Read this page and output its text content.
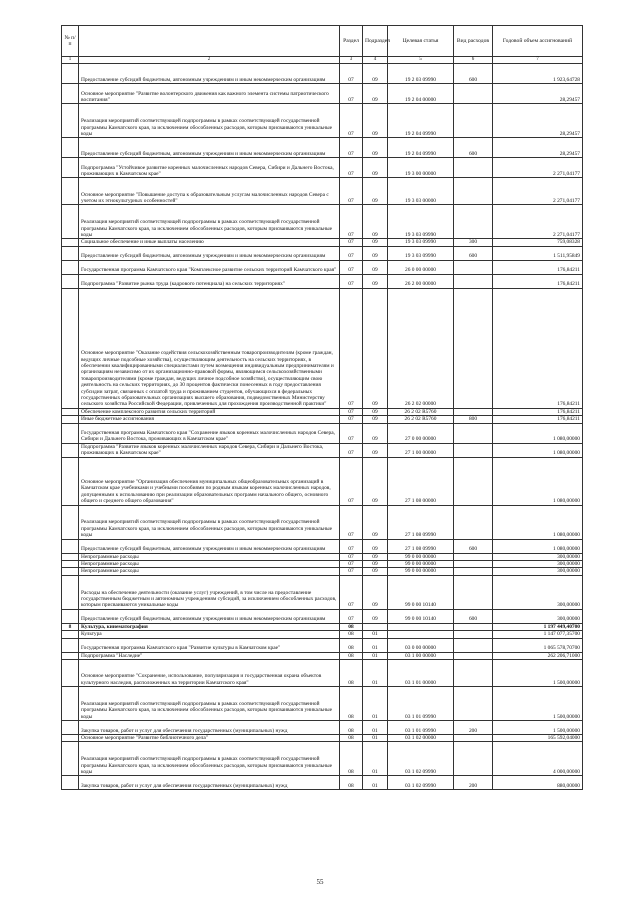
№ п/п		Раздел	Подраздел	Целевая статья	Вид расходов	Годовой объем ассигнований
1	2	3	4	5	6	7
	Предоставление субсидий бюджетным, автономным учреждениям и иным некоммерческим организациям	07	09	19 2 03 09990	600	1 923,64728
	Основное мероприятие "Развитие волонтерского движения как важного элемента системы патриотического воспитания"	07	09	19 2 04 00000		28,29457
	Реализация мероприятий соответствующей подпрограммы в рамках соответствующей государственной программы Камчатского края, за исключением обособленных расходов, которым присваиваются уникальные коды	07	09	19 2 04 09990		28,29457
	Предоставление субсидий бюджетным, автономным учреждениям и иным некоммерческим организациям	07	09	19 2 04 09990	600	28,29457
	Подпрограмма "Устойчивое развитие коренных малочисленных народов Севера, Сибири и Дальнего Востока, проживающих в Камчатском крае"	07	09	19 3 00 00000		2 271,04177
	Основное мероприятие "Повышение доступа к образовательным услугам малочисленных народов Севера с учетом их этнокультурных особенностей"	07	09	19 3 03 00000		2 271,04177
	Реализация мероприятий соответствующей подпрограммы в рамках соответствующей государственной программы Камчатского края, за исключением обособленных расходов, которым присваиваются уникальные коды	07	09	19 3 03 09990		2 271,04177
	Социальное обеспечение и иные выплаты населению	07	09	19 3 03 09990	300	759,08328
	Предоставление субсидий бюджетным, автономным учреждениям и иным некоммерческим организациям	07	09	19 3 03 09990	600	1 511,95849
	Государственная программа Камчатского края "Комплексное развитие сельских территорий Камчатского края"	07	09	26 0 00 00000		176,84211
	Подпрограмма "Развитие рынка труда (кадрового потенциала) на сельских территориях"	07	09	26 2 00 00000		176,84211
	Основное мероприятие "Оказание содействия сельскохозяйственным товаропроизводителям (кроме граждан, ведущих личные подсобные хозяйства), осуществляющим деятельность на сельских территориях, в обеспечении квалифицированными специалистами путем возмещения индивидуальным предпринимателям и организациям независимо от их организационно-правовой формы, являющимся сельскохозяйственными товаропроизводителями (кроме граждан, ведущих личное подсобное хозяйство), осуществляющим свою деятельность на сельских территориях, до 30 процентов фактически понесенных в году предоставления субсидии затрат, связанных с оплатой труда и проживанием студентов, обучающихся в федеральных государственных образовательных организациях высшего образования, подведомственных Министерству сельского хозяйства Российской Федерации, привлеченных для прохождения производственной практики"	07	09	26 2 02 00000		176,84211
	Обеспечение комплексного развития сельских территорий	07	09	26 2 02 R5760		176,84211
	Иные бюджетные ассигнования	07	09	26 2 02 R5760	800	176,84211
	Государственная программа Камчатского края "Сохранение языков коренных малочисленных народов Севера, Сибири и Дальнего Востока, проживающих в Камчатском крае"	07	09	27 0 00 00000		1 080,00000
	Подпрограмма "Развитие языков коренных малочисленных народов Севера, Сибири и Дальнего Востока, проживающих в Камчатском крае"	07	09	27 1 00 00000		1 080,00000
	Основное мероприятие "Организация обеспечения муниципальных общеобразовательных организаций в Камчатском крае учебниками и учебными пособиями по родным языкам коренных малочисленных народов, допущенными к использованию при реализации образовательных программ начального общего, основного общего и среднего общего образования"	07	09	27 1 08 00000		1 080,00000
	Реализация мероприятий соответствующей подпрограммы в рамках соответствующей государственной программы Камчатского края, за исключением обособленных расходов, которым присваиваются уникальные коды	07	09	27 1 08 09990		1 080,00000
	Предоставление субсидий бюджетным, автономным учреждениям и иным некоммерческим организациям	07	09	27 1 08 09990	600	1 080,00000
	Непрограммные расходы	07	09	99 0 00 00000		300,00000
	Непрограммные расходы	07	09	99 0 00 00000		300,00000
	Непрограммные расходы	07	09	99 0 00 00000		300,00000
	Расходы на обеспечение деятельности (оказание услуг) учреждений, в том числе на предоставление государственным бюджетным и автономным учреждениям субсидий, за исключением обособленных расходов, которым присваиваются уникальные коды	07	09	99 0 00 10140		300,00000
	Предоставление субсидий бюджетным, автономным учреждениям и иным некоммерческим организациям	07	09	99 0 00 10140	600	300,00000
8	Культура, кинематография	08				1 197 449,40700
	Культура	08	01			1 147 077,35700
	Государственная программа Камчатского края "Развитие культуры в Камчатском крае"	08	01	03 0 00 00000		1 065 578,70700
	Подпрограмма "Наследие"	08	01	03 1 00 00000		262 206,71000
	Основное мероприятие "Сохранение, использование, популяризация и государственная охрана объектов культурного наследия, расположенных на территории Камчатского края"	08	01	03 1 01 00000		1 500,00000
	Реализация мероприятий соответствующей подпрограммы в рамках соответствующей государственной программы Камчатского края, за исключением обособленных расходов, которым присваиваются уникальные коды	08	01	03 1 01 09990		1 500,00000
	Закупка товаров, работ и услуг для обеспечения государственных (муниципальных) нужд	08	01	03 1 01 09990	200	1 500,00000
	Основное мероприятие "Развитие библиотечного дела"	08	01	03 1 02 00000		165 592,04000
	Реализация мероприятий соответствующей подпрограммы в рамках соответствующей государственной программы Камчатского края, за исключением обособленных расходов, которым присваиваются уникальные коды	08	01	03 1 02 09990		4 000,00000
	Закупка товаров, работ и услуг для обеспечения государственных (муниципальных) нужд	08	01	03 1 02 09990	200	880,00000
55
